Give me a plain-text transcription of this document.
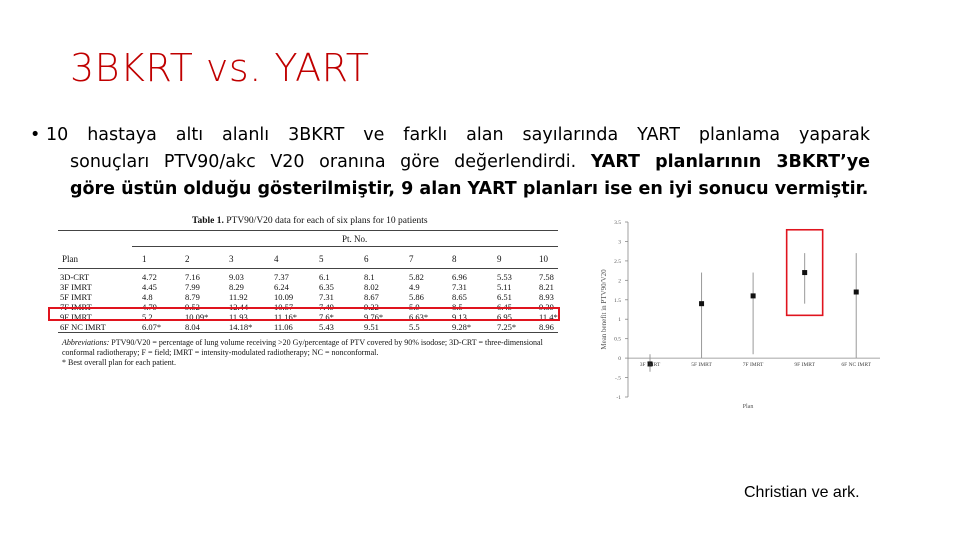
3BKRT vs. YART
• 10 hastaya altı alanlı 3BKRT ve farklı alan sayılarında YART planlama yaparak
sonuçları PTV90/akc V20 oranına göre değerlendirdi. YART planlarının 3BKRT’ye
göre üstün olduğu gösterilmiştir, 9 alan YART planları ise en iyi sonucu vermiştir.
Table 1. PTV90/V20 data for each of six plans for 10 patients
Pt. No.
Plan	1	2	3	4	5	6	7	8	9	10
3D-CRT	4.72	7.16	9.03	7.37	6.1	8.1	5.82	6.96	5.53	7.58
3F IMRT	4.45	7.99	8.29	6.24	6.35	8.02	4.9	7.31	5.11	8.21
5F IMRT	4.8	8.79	11.92	10.09	7.31	8.67	5.86	8.65	6.51	8.93
7F IMRT	4.79	9.52	12.44	10.57	7.49	9.22	5.9	8.5	6.45	9.39
9F IMRT	5.2	10.09* 11.93	11.16*	7.6*	9.76*	6.63*	9.13	6.95	11.4*
6F NC IMRT	6.07*	8.04	14.18*	11.06	5.43	9.51	5.5	9.28*	7.25*	8.96
Abbreviations: PTV90/V20 = percentage of lung volume receiving >20 Gy/percentage of PTV covered by 90% isodose; 3D-CRT = three-dimensional conformal radiotherapy; F = field; IMRT = intensity-modulated radiotherapy; NC = nonconformal.
* Best overall plan for each patient.
3.5
3
2.5
2
1.5
1
0.5
0
-.5
-1
3F IMRT	5F IMRT	7F IMRT	9F IMRT	6F NC IMRT
Mean benefit in PTV90/V20
Plan
Christian ve ark.
